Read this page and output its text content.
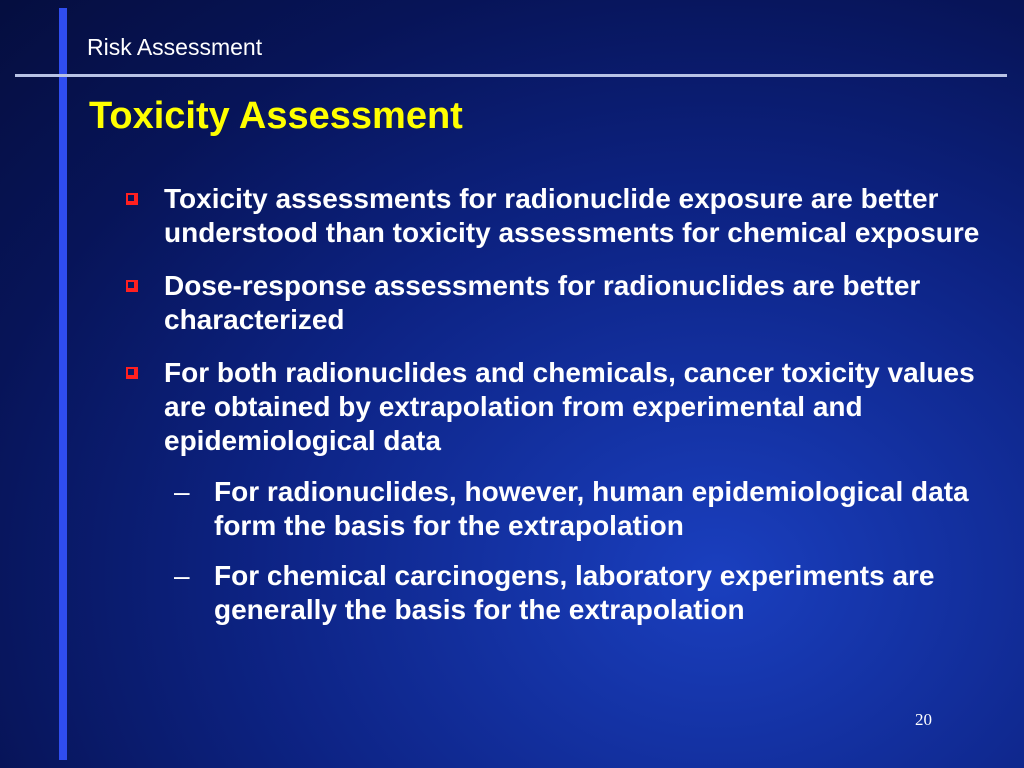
Risk Assessment
Toxicity Assessment
Toxicity assessments for radionuclide exposure are better understood than toxicity assessments for chemical exposure
Dose-response assessments for radionuclides are better characterized
For both radionuclides and chemicals, cancer toxicity values are obtained by extrapolation from experimental and epidemiological data
– For radionuclides, however, human epidemiological data form the basis for the extrapolation
– For chemical carcinogens, laboratory experiments are generally the basis for the extrapolation
20
